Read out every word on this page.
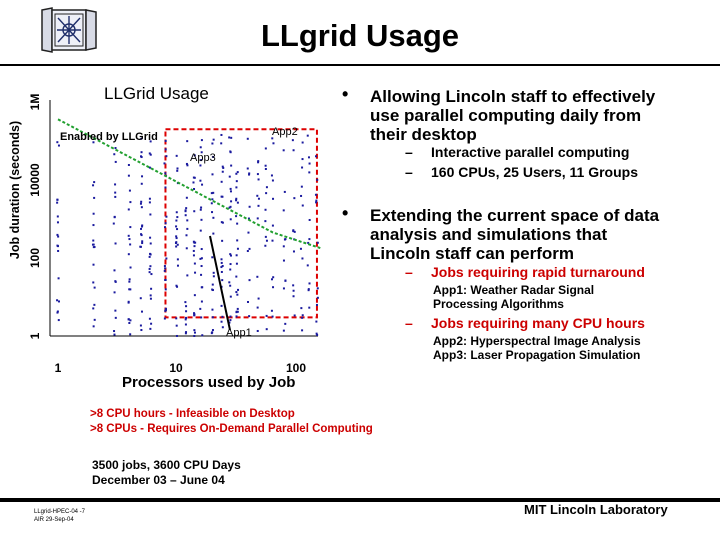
LLgrid Usage
1
100
10000
1M
1	10	100
Job duration (seconds)	App2
App3
App1
LLGrid Usage
Enabled by LLGrid
Processors used by Job
• Allowing Lincoln staff to effectively
use parallel computing daily from
their desktop
– Interactive parallel computing
– 160 CPUs, 25 Users, 11 Groups
• Extending the current space of data
analysis and simulations that
Lincoln staff can perform
– Jobs requiring rapid turnaround
App1: Weather Radar Signal
Processing Algorithms
– Jobs requiring many CPU hours
App2: Hyperspectral Image Analysis
App3: Laser Propagation Simulation
>8 CPU hours - Infeasible on Desktop
>8 CPUs - Requires On-Demand Parallel Computing
3500 jobs, 3600 CPU Days
December 03 – June 04
LLgrid-HPEC-04 -7
AIR 29-Sep-04
MIT Lincoln Laboratory
